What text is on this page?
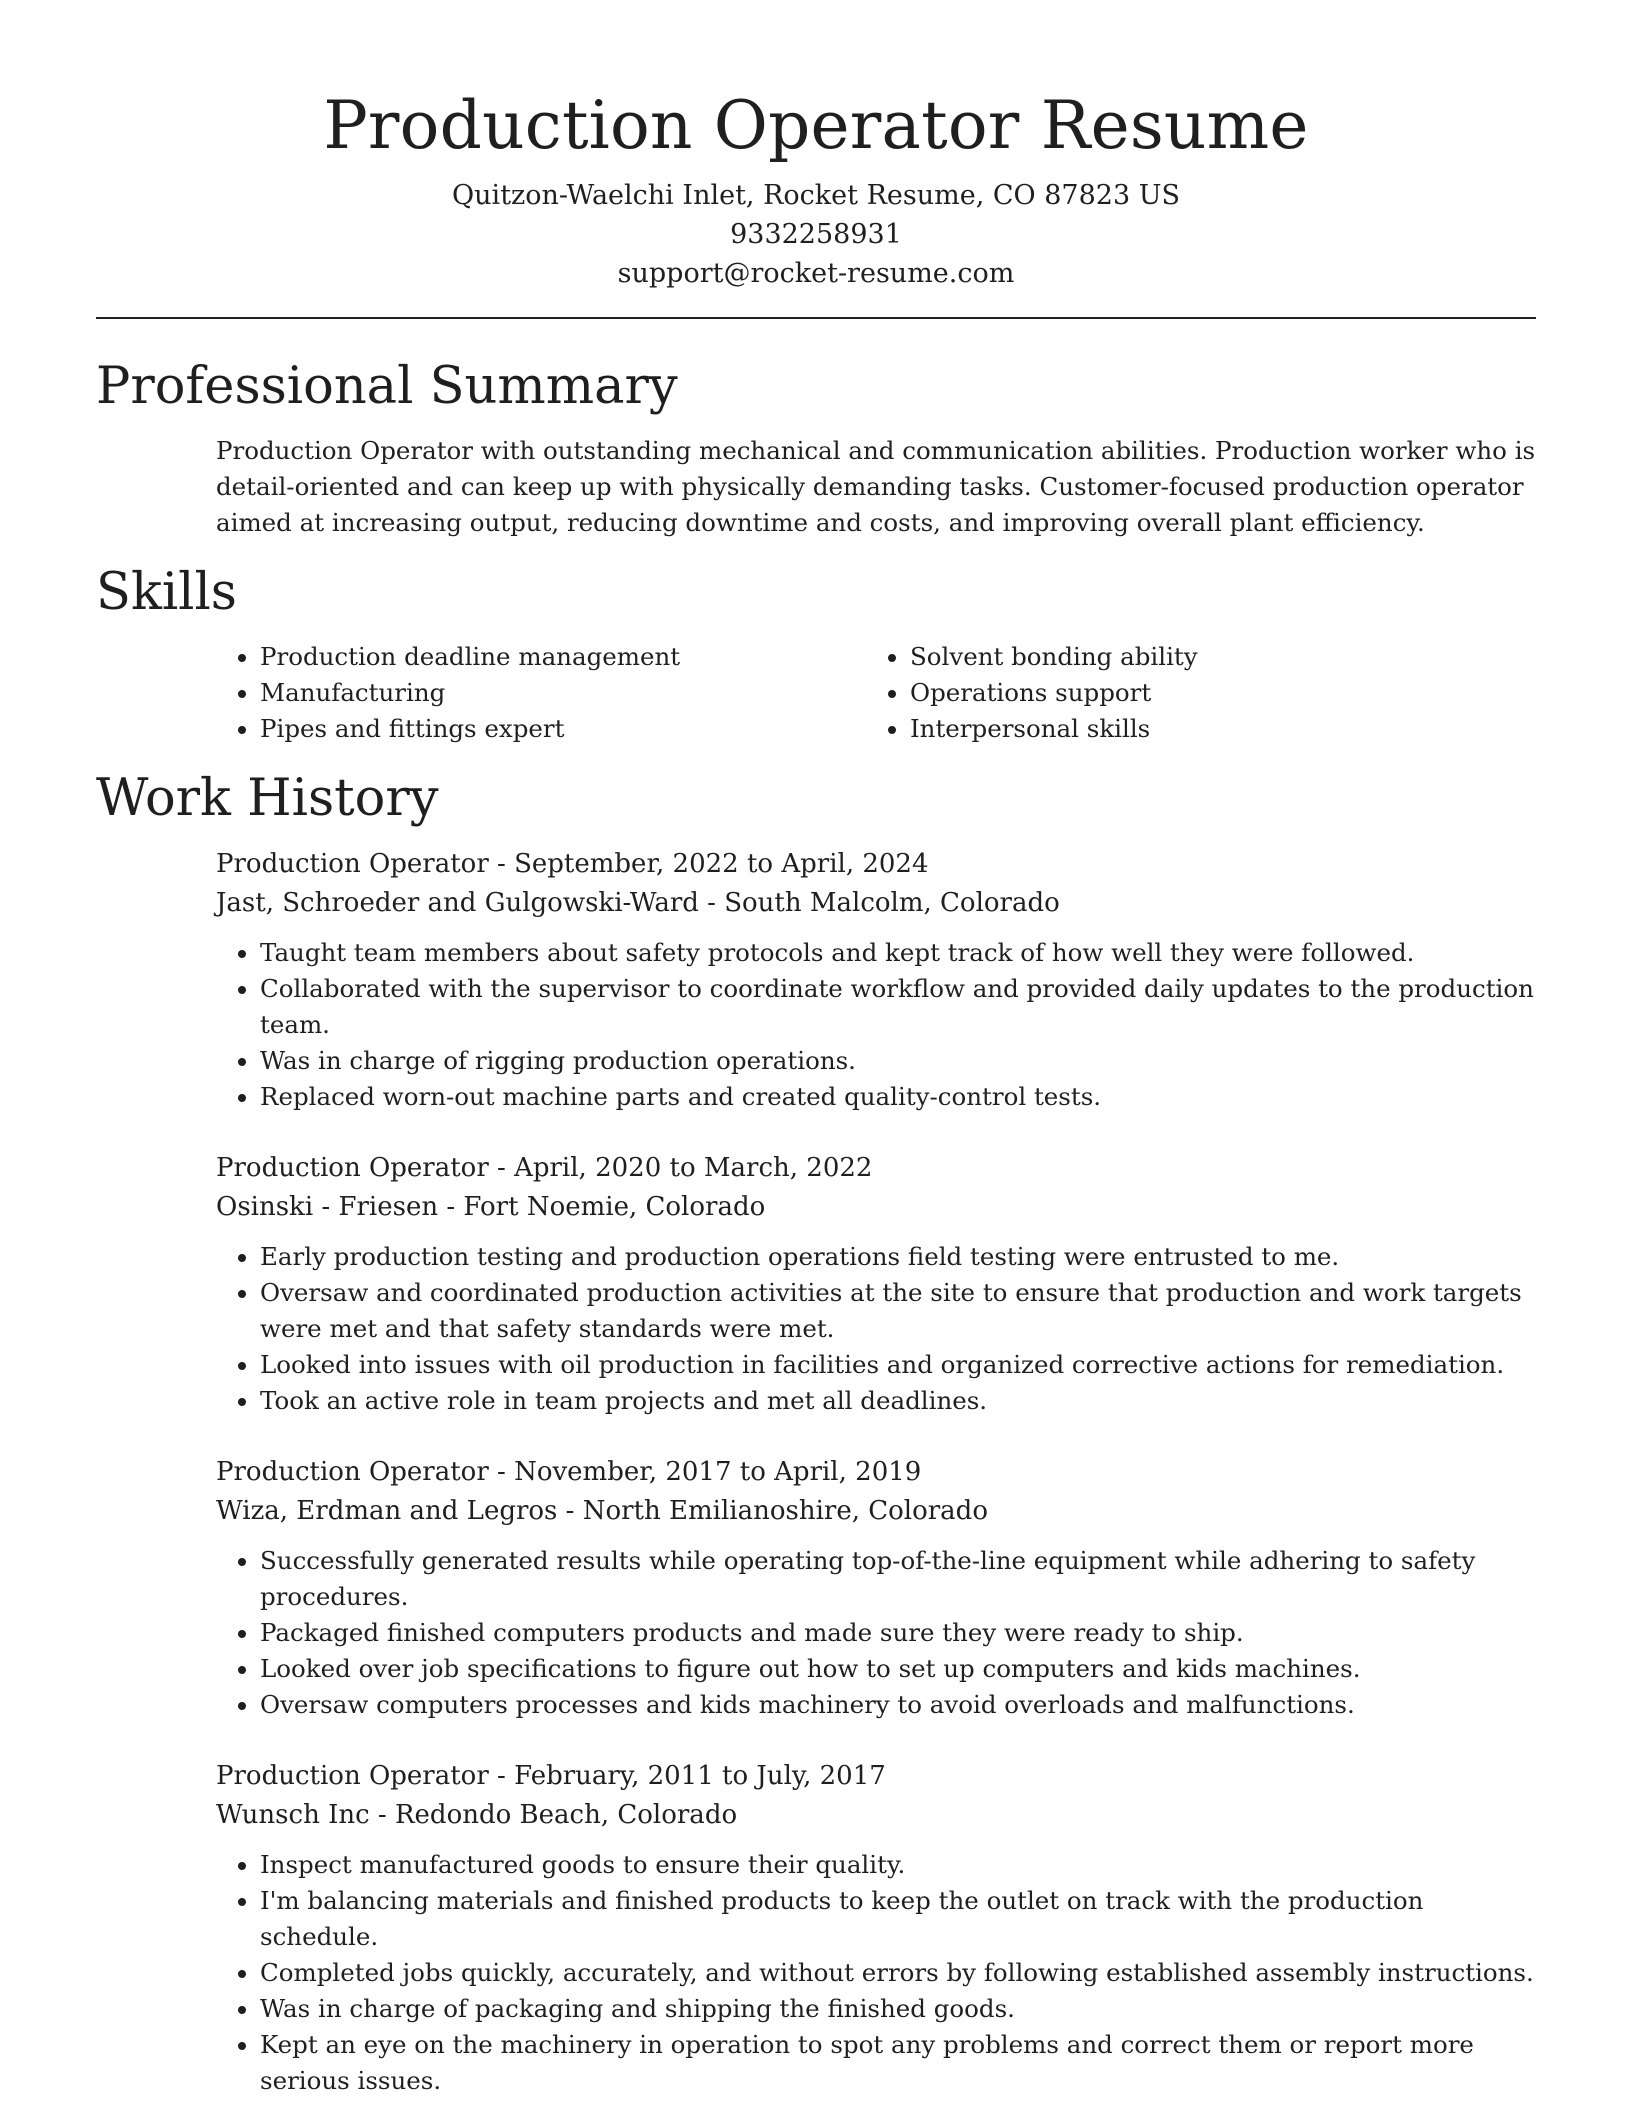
Production Operator Resume

Quitzon-Waelchi Inlet, Rocket Resume, CO 87823 US

9332258931

support@rocket-resume.com

Professional Summary

Production Operator with outstanding mechanical and communication abilities. Production worker who is detail-oriented and can keep up with physically demanding tasks. Customer-focused production operator aimed at increasing output, reducing downtime and costs, and improving overall plant efficiency.

Skills
• Production deadline management
• Manufacturing
• Pipes and fittings expert
• Solvent bonding ability
• Operations support
• Interpersonal skills
Work History

Production Operator - September, 2022 to April, 2024

Jast, Schroeder and Gulgowski-Ward - South Malcolm, Colorado

• Taught team members about safety protocols and kept track of how well they were followed.
• Collaborated with the supervisor to coordinate workflow and provided daily updates to the production team.
• Was in charge of rigging production operations.
• Replaced worn-out machine parts and created quality-control tests.

Production Operator - April, 2020 to March, 2022

Osinski - Friesen - Fort Noemie, Colorado

• Early production testing and production operations field testing were entrusted to me.
• Oversaw and coordinated production activities at the site to ensure that production and work targets were met and that safety standards were met.
• Looked into issues with oil production in facilities and organized corrective actions for remediation.
• Took an active role in team projects and met all deadlines.

Production Operator - November, 2017 to April, 2019

Wiza, Erdman and Legros - North Emilianoshire, Colorado

• Successfully generated results while operating top-of-the-line equipment while adhering to safety procedures.
• Packaged finished computers products and made sure they were ready to ship.
• Looked over job specifications to figure out how to set up computers and kids machines.
• Oversaw computers processes and kids machinery to avoid overloads and malfunctions.

Production Operator - February, 2011 to July, 2017

Wunsch Inc - Redondo Beach, Colorado

• Inspect manufactured goods to ensure their quality.
• I'm balancing materials and finished products to keep the outlet on track with the production schedule.
• Completed jobs quickly, accurately, and without errors by following established assembly instructions.
• Was in charge of packaging and shipping the finished goods.
• Kept an eye on the machinery in operation to spot any problems and correct them or report more serious issues.
